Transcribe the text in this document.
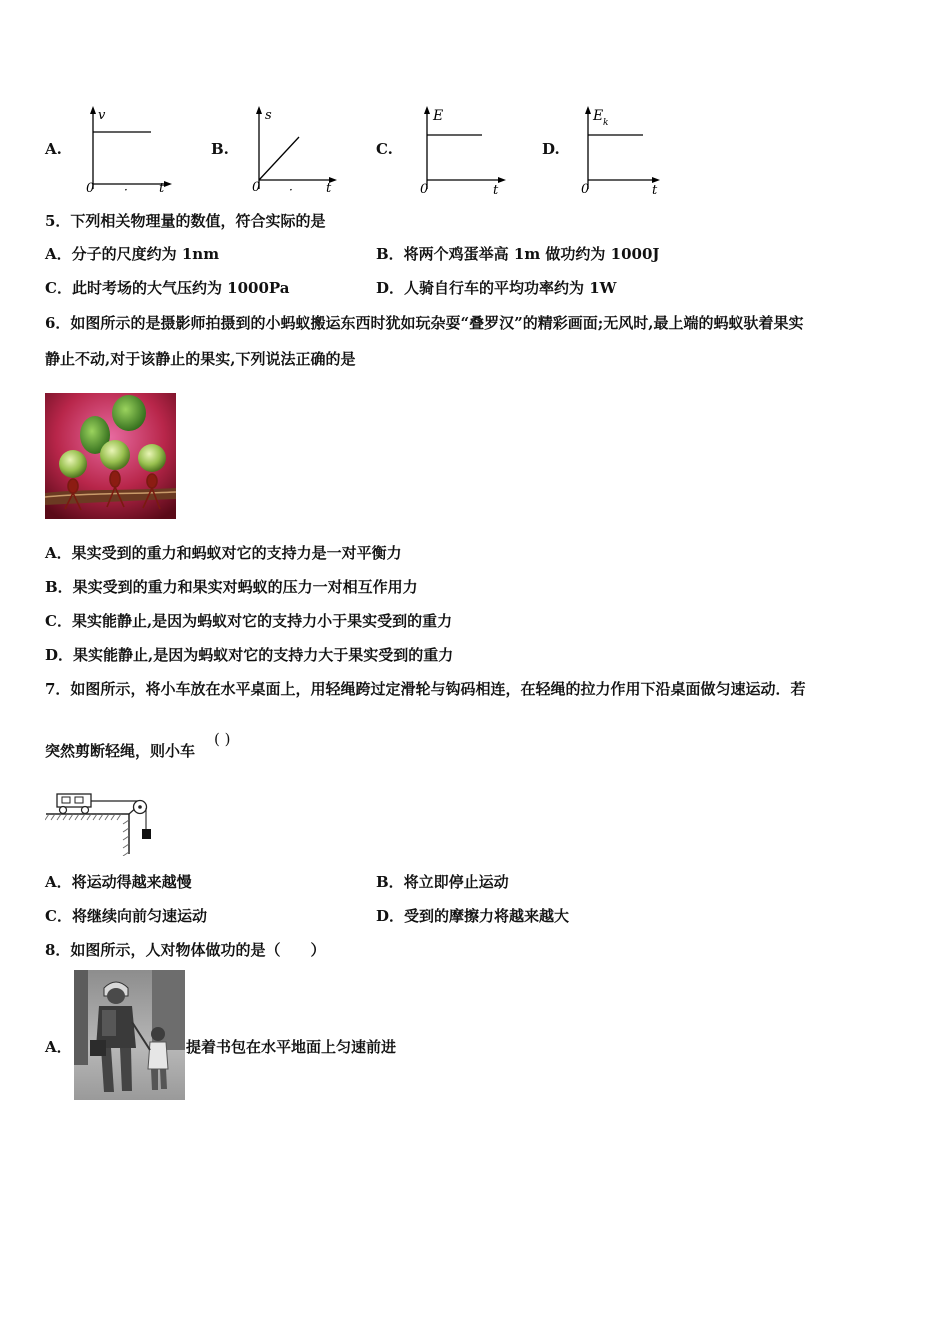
A.
v
t
0 ·
B.
s
t
0 ·
C.
E
t
0
D.
E k
t
0
5．下列相关物理量的数值，符合实际的是
A．分子的尺度约为 1nm	B．将两个鸡蛋举高 1m 做功约为 1000J
C．此时考场的大气压约为 1000Pa	D．人骑自行车的平均功率约为 1W
6．如图所示的是摄影师拍摄到的小蚂蚁搬运东西时犹如玩杂耍“叠罗汉”的精彩画面;无风时,最上端的蚂蚁驮着果实
静止不动,对于该静止的果实,下列说法正确的是
A．果实受到的重力和蚂蚁对它的支持力是一对平衡力
B．果实受到的重力和果实对蚂蚁的压力一对相互作用力
C．果实能静止,是因为蚂蚁对它的支持力小于果实受到的重力
D．果实能静止,是因为蚂蚁对它的支持力大于果实受到的重力
7．如图所示，将小车放在水平桌面上，用轻绳跨过定滑轮与钩码相连，在轻绳的拉力作用下沿桌面做匀速运动．若
突然剪断轻绳，则小车
( )
A．将运动得越来越慢	B．将立即停止运动
C．将继续向前匀速运动	D．受到的摩擦力将越来越大
8．如图所示，人对物体做功的是（　　）
A．	提着书包在水平地面上匀速前进
